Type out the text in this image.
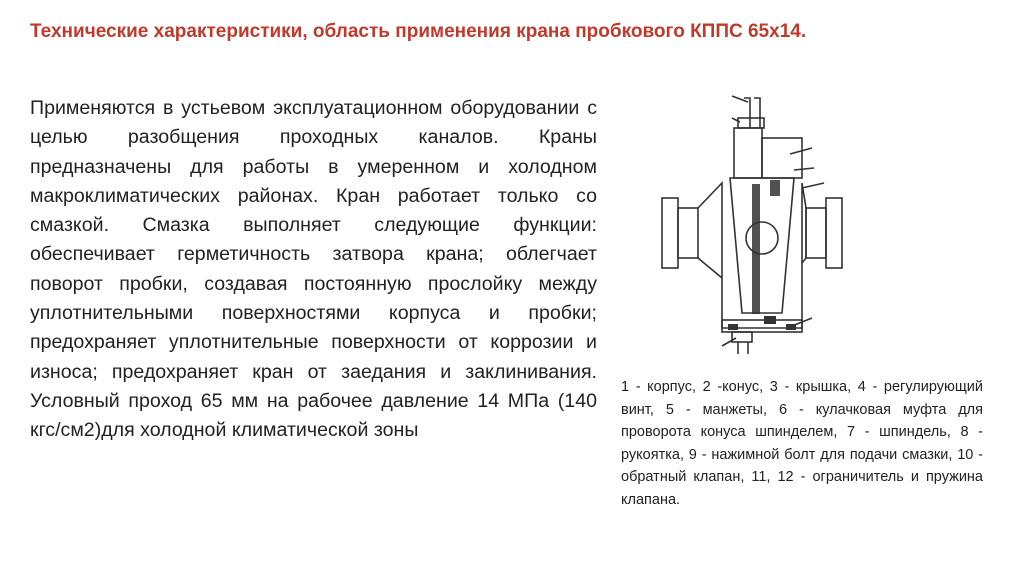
Технические характеристики, область применения крана пробкового КППС 65х14.
Применяются в устьевом эксплуатационном оборудовании с целью разобщения проходных каналов. Краны предназначены для работы в умеренном и холодном макроклиматических районах. Кран работает только со смазкой. Смазка выполняет следующие функции: обеспечивает герметичность затвора крана; облегчает поворот пробки, создавая постоянную прослойку между уплотнительными поверхностями корпуса и пробки; предохраняет уплотнительные поверхности от коррозии и износа; предохраняет кран от заедания и заклинивания. Условный проход 65 мм на рабочее давление 14 МПа (140 кгс/см2)для холодной климатической зоны
1 - корпус, 2 -конус, 3 - крышка, 4 - регулирующий винт, 5 - манжеты, 6 - кулачковая муфта для проворота конуса шпинделем, 7 - шпиндель, 8 - рукоятка, 9 - нажимной болт для подачи смазки, 10 - обратный клапан, 11, 12 - ограничитель и пружина клапана.
